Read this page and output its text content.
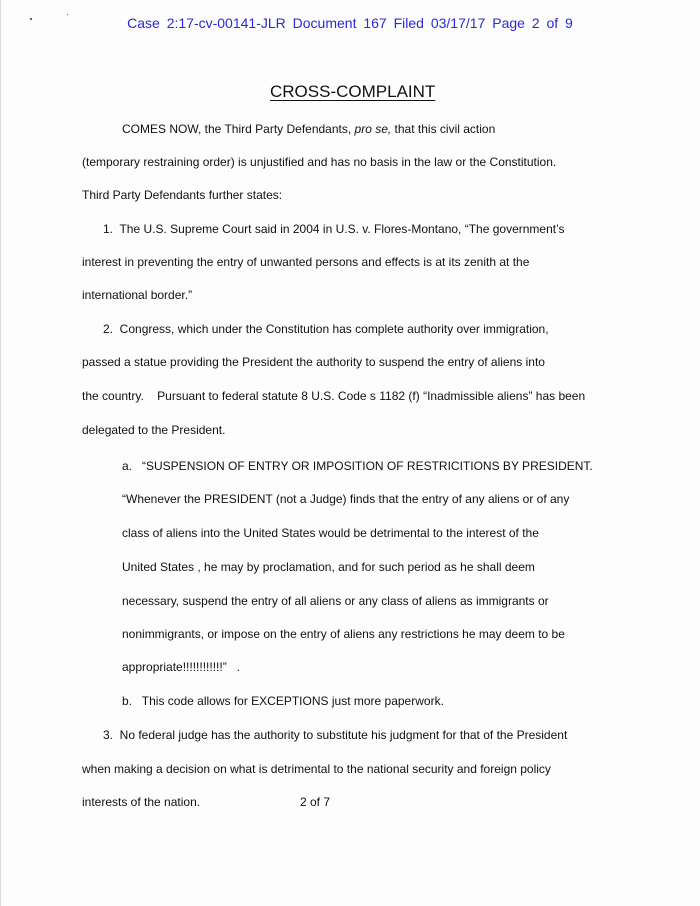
Case 2:17-cv-00141-JLR Document 167 Filed 03/17/17 Page 2 of 9
CROSS-COMPLAINT
COMES NOW, the Third Party Defendants, pro se, that this civil action
(temporary restraining order) is unjustified and has no basis in the law or the Constitution.
Third Party Defendants further states:
1.  The U.S. Supreme Court said in 2004 in U.S. v. Flores-Montano, “The government’s
interest in preventing the entry of unwanted persons and effects is at its zenith at the
international border.”
2.  Congress, which under the Constitution has complete authority over immigration,
passed a statue providing the President the authority to suspend the entry of aliens into
the country.    Pursuant to federal statute 8 U.S. Code s 1182 (f) “Inadmissible aliens” has been
delegated to the President.
a.   “SUSPENSION OF ENTRY OR IMPOSITION OF RESTRICITIONS BY PRESIDENT.
“Whenever the PRESIDENT (not a Judge) finds that the entry of any aliens or of any
class of aliens into the United States would be detrimental to the interest of the
United States , he may by proclamation, and for such period as he shall deem
necessary, suspend the entry of all aliens or any class of aliens as immigrants or
nonimmigrants, or impose on the entry of aliens any restrictions he may deem to be
appropriate!!!!!!!!!!!!”   .
b.   This code allows for EXCEPTIONS just more paperwork.
3.  No federal judge has the authority to substitute his judgment for that of the President
when making a decision on what is detrimental to the national security and foreign policy
interests of the nation.	2 of 7
